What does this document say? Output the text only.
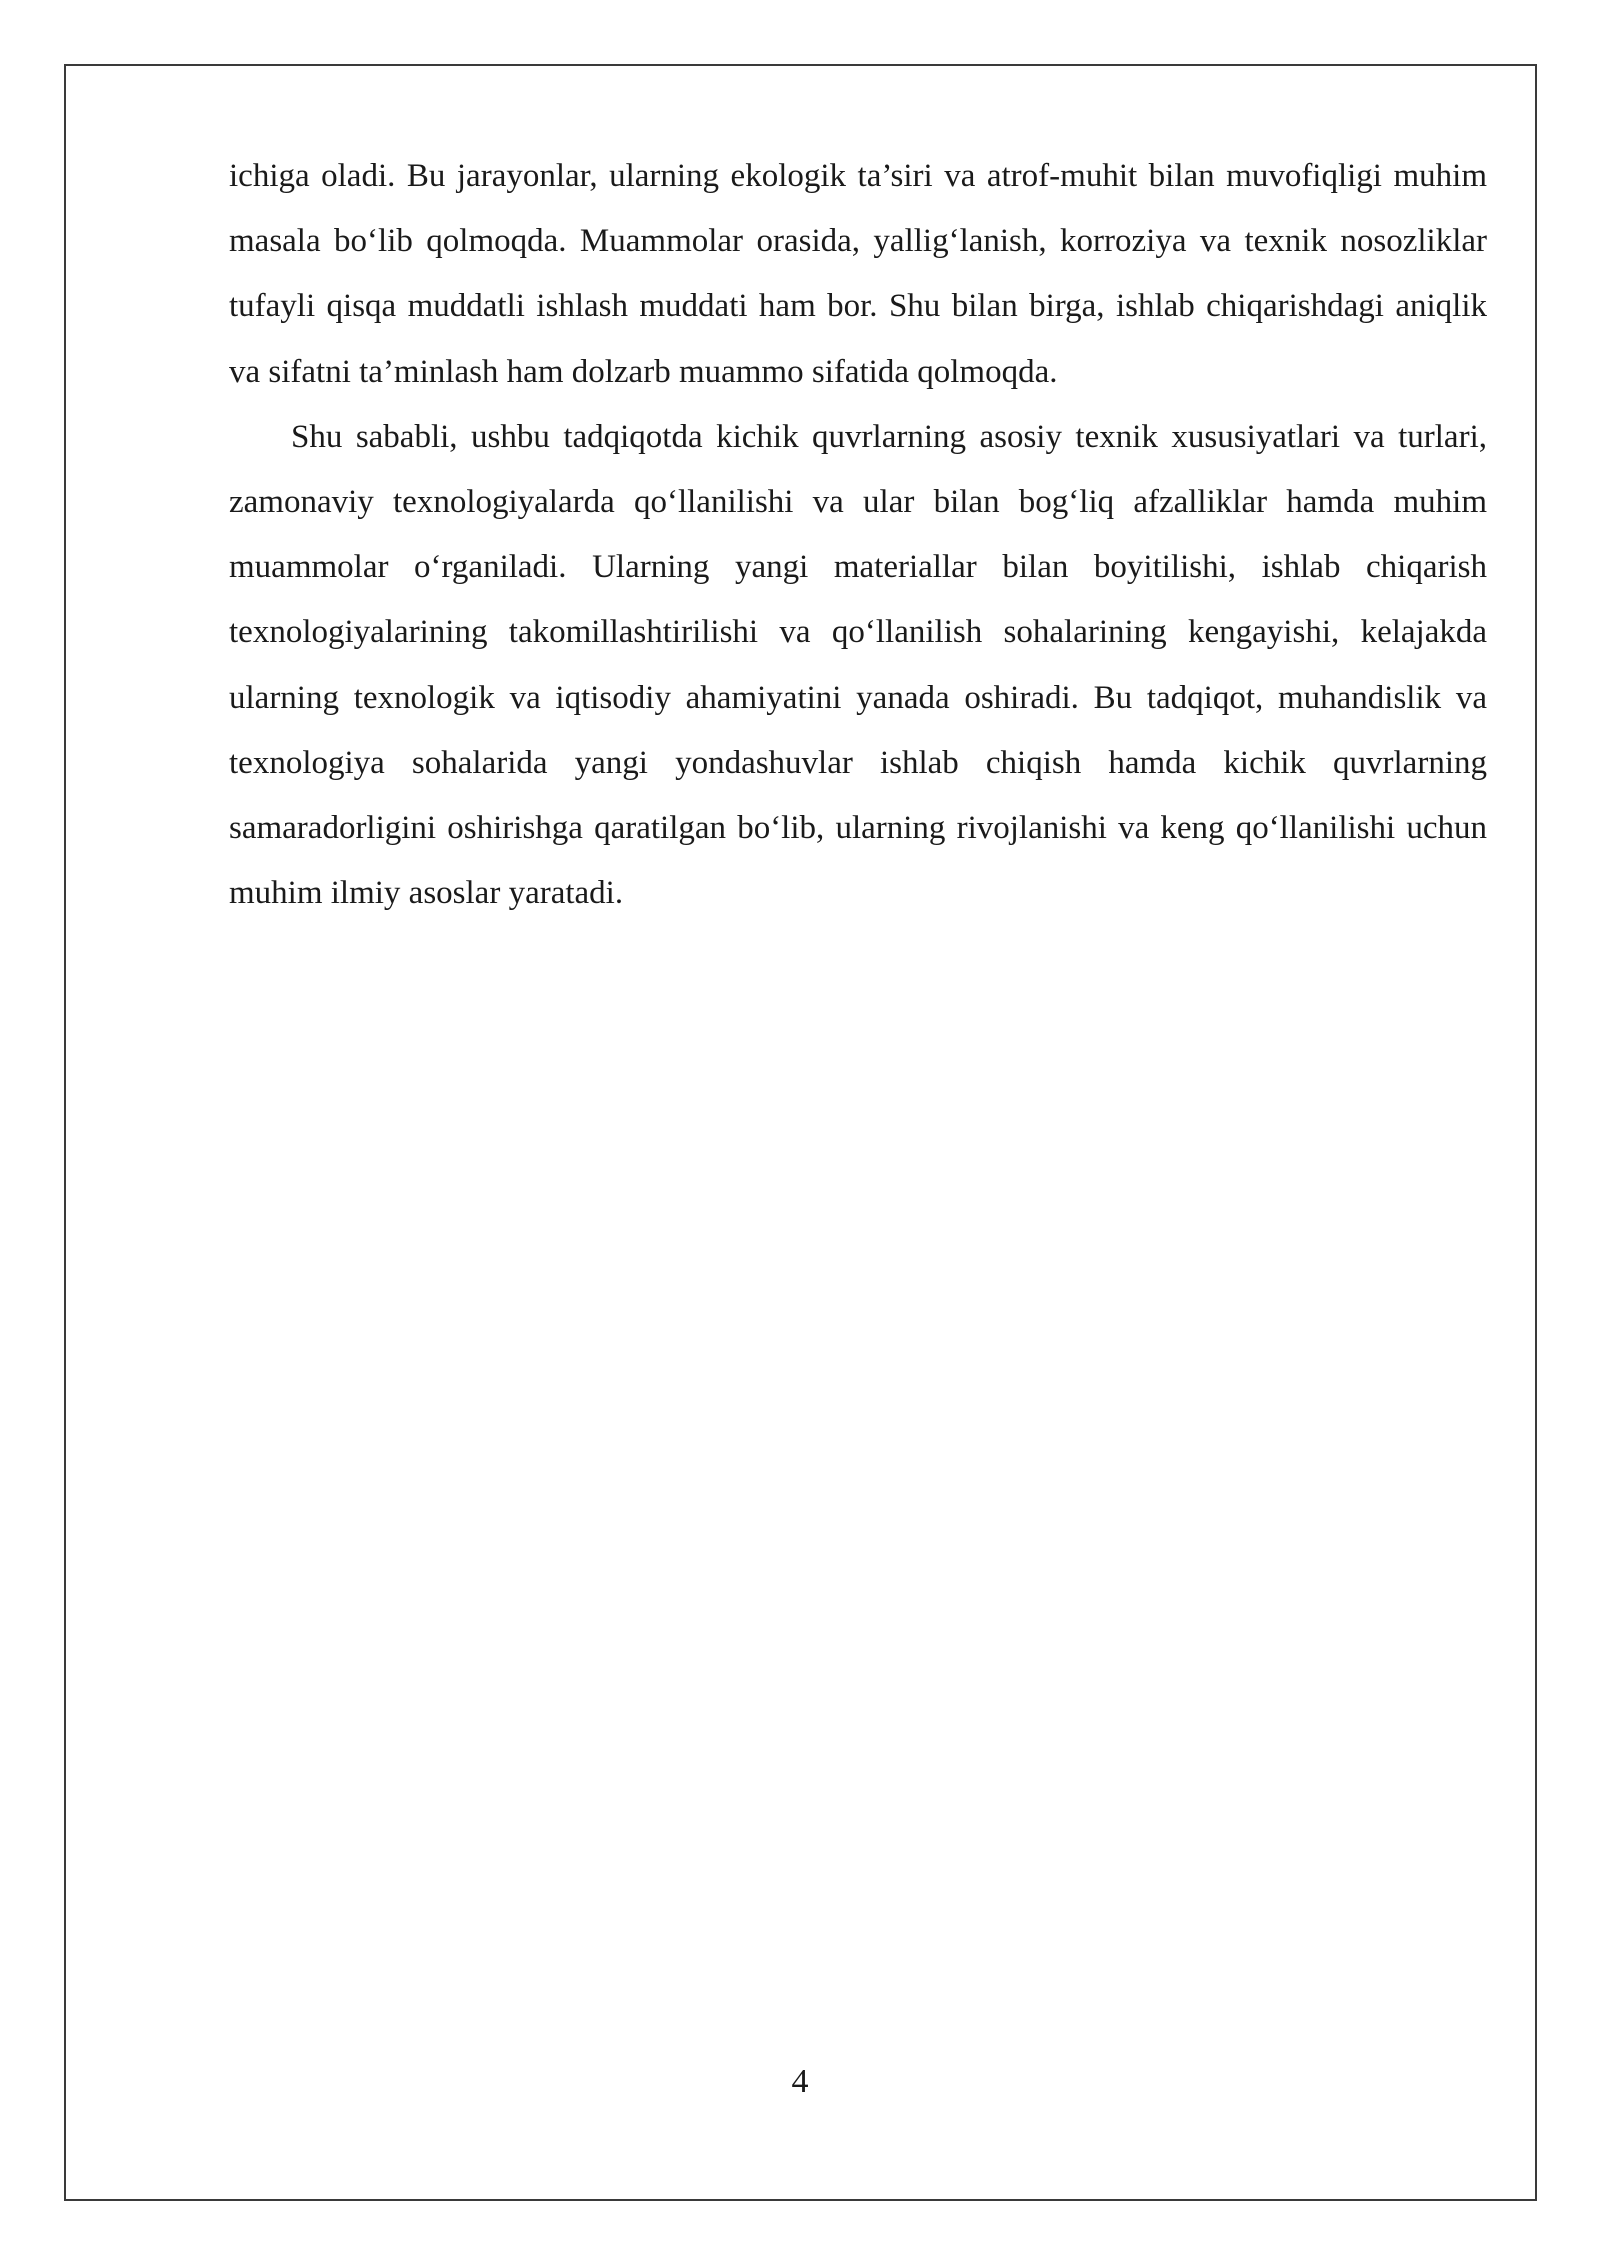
ichiga oladi. Bu jarayonlar, ularning ekologik ta’siri va atrof-muhit bilan muvofiqligi muhim masala bo‘lib qolmoqda. Muammolar orasida, yallig‘lanish, korroziya va texnik nosozliklar tufayli qisqa muddatli ishlash muddati ham bor. Shu bilan birga, ishlab chiqarishdagi aniqlik va sifatni ta’minlash ham dolzarb muammo sifatida qolmoqda.

Shu sababli, ushbu tadqiqotda kichik quvrlarning asosiy texnik xususiyatlari va turlari, zamonaviy texnologiyalarda qo‘llanilishi va ular bilan bog‘liq afzalliklar hamda muhim muammolar o‘rganiladi. Ularning yangi materiallar bilan boyitilishi, ishlab chiqarish texnologiyalarining takomillashtirilishi va qo‘llanilish sohalarining kengayishi, kelajakda ularning texnologik va iqtisodiy ahamiyatini yanada oshiradi. Bu tadqiqot, muhandislik va texnologiya sohalarida yangi yondashuvlar ishlab chiqish hamda kichik quvrlarning samaradorligini oshirishga qaratilgan bo‘lib, ularning rivojlanishi va keng qo‘llanilishi uchun muhim ilmiy asoslar yaratadi.

4
